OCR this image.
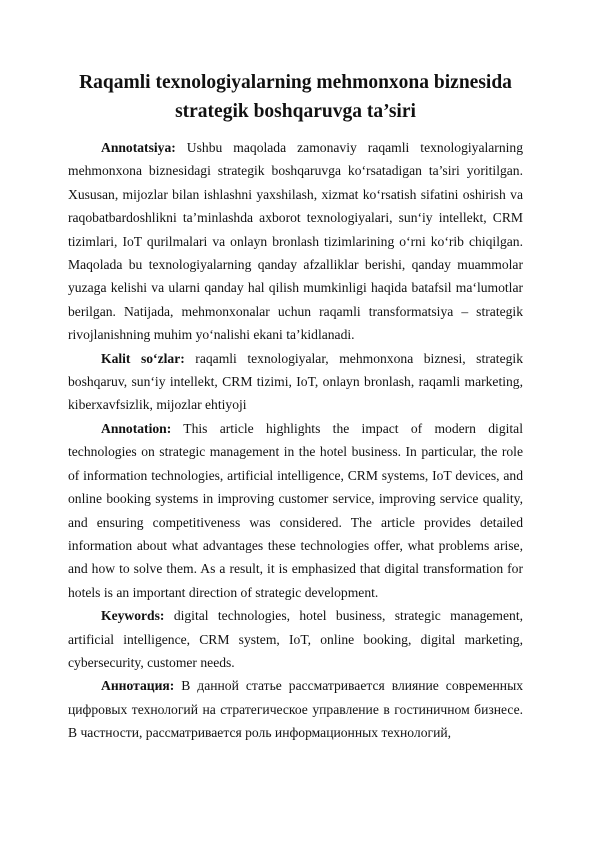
Raqamli texnologiyalarning mehmonxona biznesida
strategik boshqaruvga ta’siri

Annotatsiya: Ushbu maqolada zamonaviy raqamli texnologiyalarning mehmonxona biznesidagi strategik boshqaruvga ko‘rsatadigan ta’siri yoritilgan. Xususan, mijozlar bilan ishlashni yaxshilash, xizmat ko‘rsatish sifatini oshirish va raqobatbardoshlikni ta’minlashda axborot texnologiyalari, sun‘iy intellekt, CRM tizimlari, IoT qurilmalari va onlayn bronlash tizimlarining o‘rni ko‘rib chiqilgan. Maqolada bu texnologiyalarning qanday afzalliklar berishi, qanday muammolar yuzaga kelishi va ularni qanday hal qilish mumkinligi haqida batafsil ma‘lumotlar berilgan. Natijada, mehmonxonalar uchun raqamli transformatsiya – strategik rivojlanishning muhim yo‘nalishi ekani ta’kidlanadi.

Kalit so‘zlar: raqamli texnologiyalar, mehmonxona biznesi, strategik boshqaruv, sun‘iy intellekt, CRM tizimi, IoT, onlayn bronlash, raqamli marketing, kiberxavfsizlik, mijozlar ehtiyoji

Annotation: This article highlights the impact of modern digital technologies on strategic management in the hotel business. In particular, the role of information technologies, artificial intelligence, CRM systems, IoT devices, and online booking systems in improving customer service, improving service quality, and ensuring competitiveness was considered. The article provides detailed information about what advantages these technologies offer, what problems arise, and how to solve them. As a result, it is emphasized that digital transformation for hotels is an important direction of strategic development.

Keywords: digital technologies, hotel business, strategic management, artificial intelligence, CRM system, IoT, online booking, digital marketing, cybersecurity, customer needs.

Аннотация: В данной статье рассматривается влияние современных цифровых технологий на стратегическое управление в гостиничном бизнесе. В частности, рассматривается роль информационных технологий,
